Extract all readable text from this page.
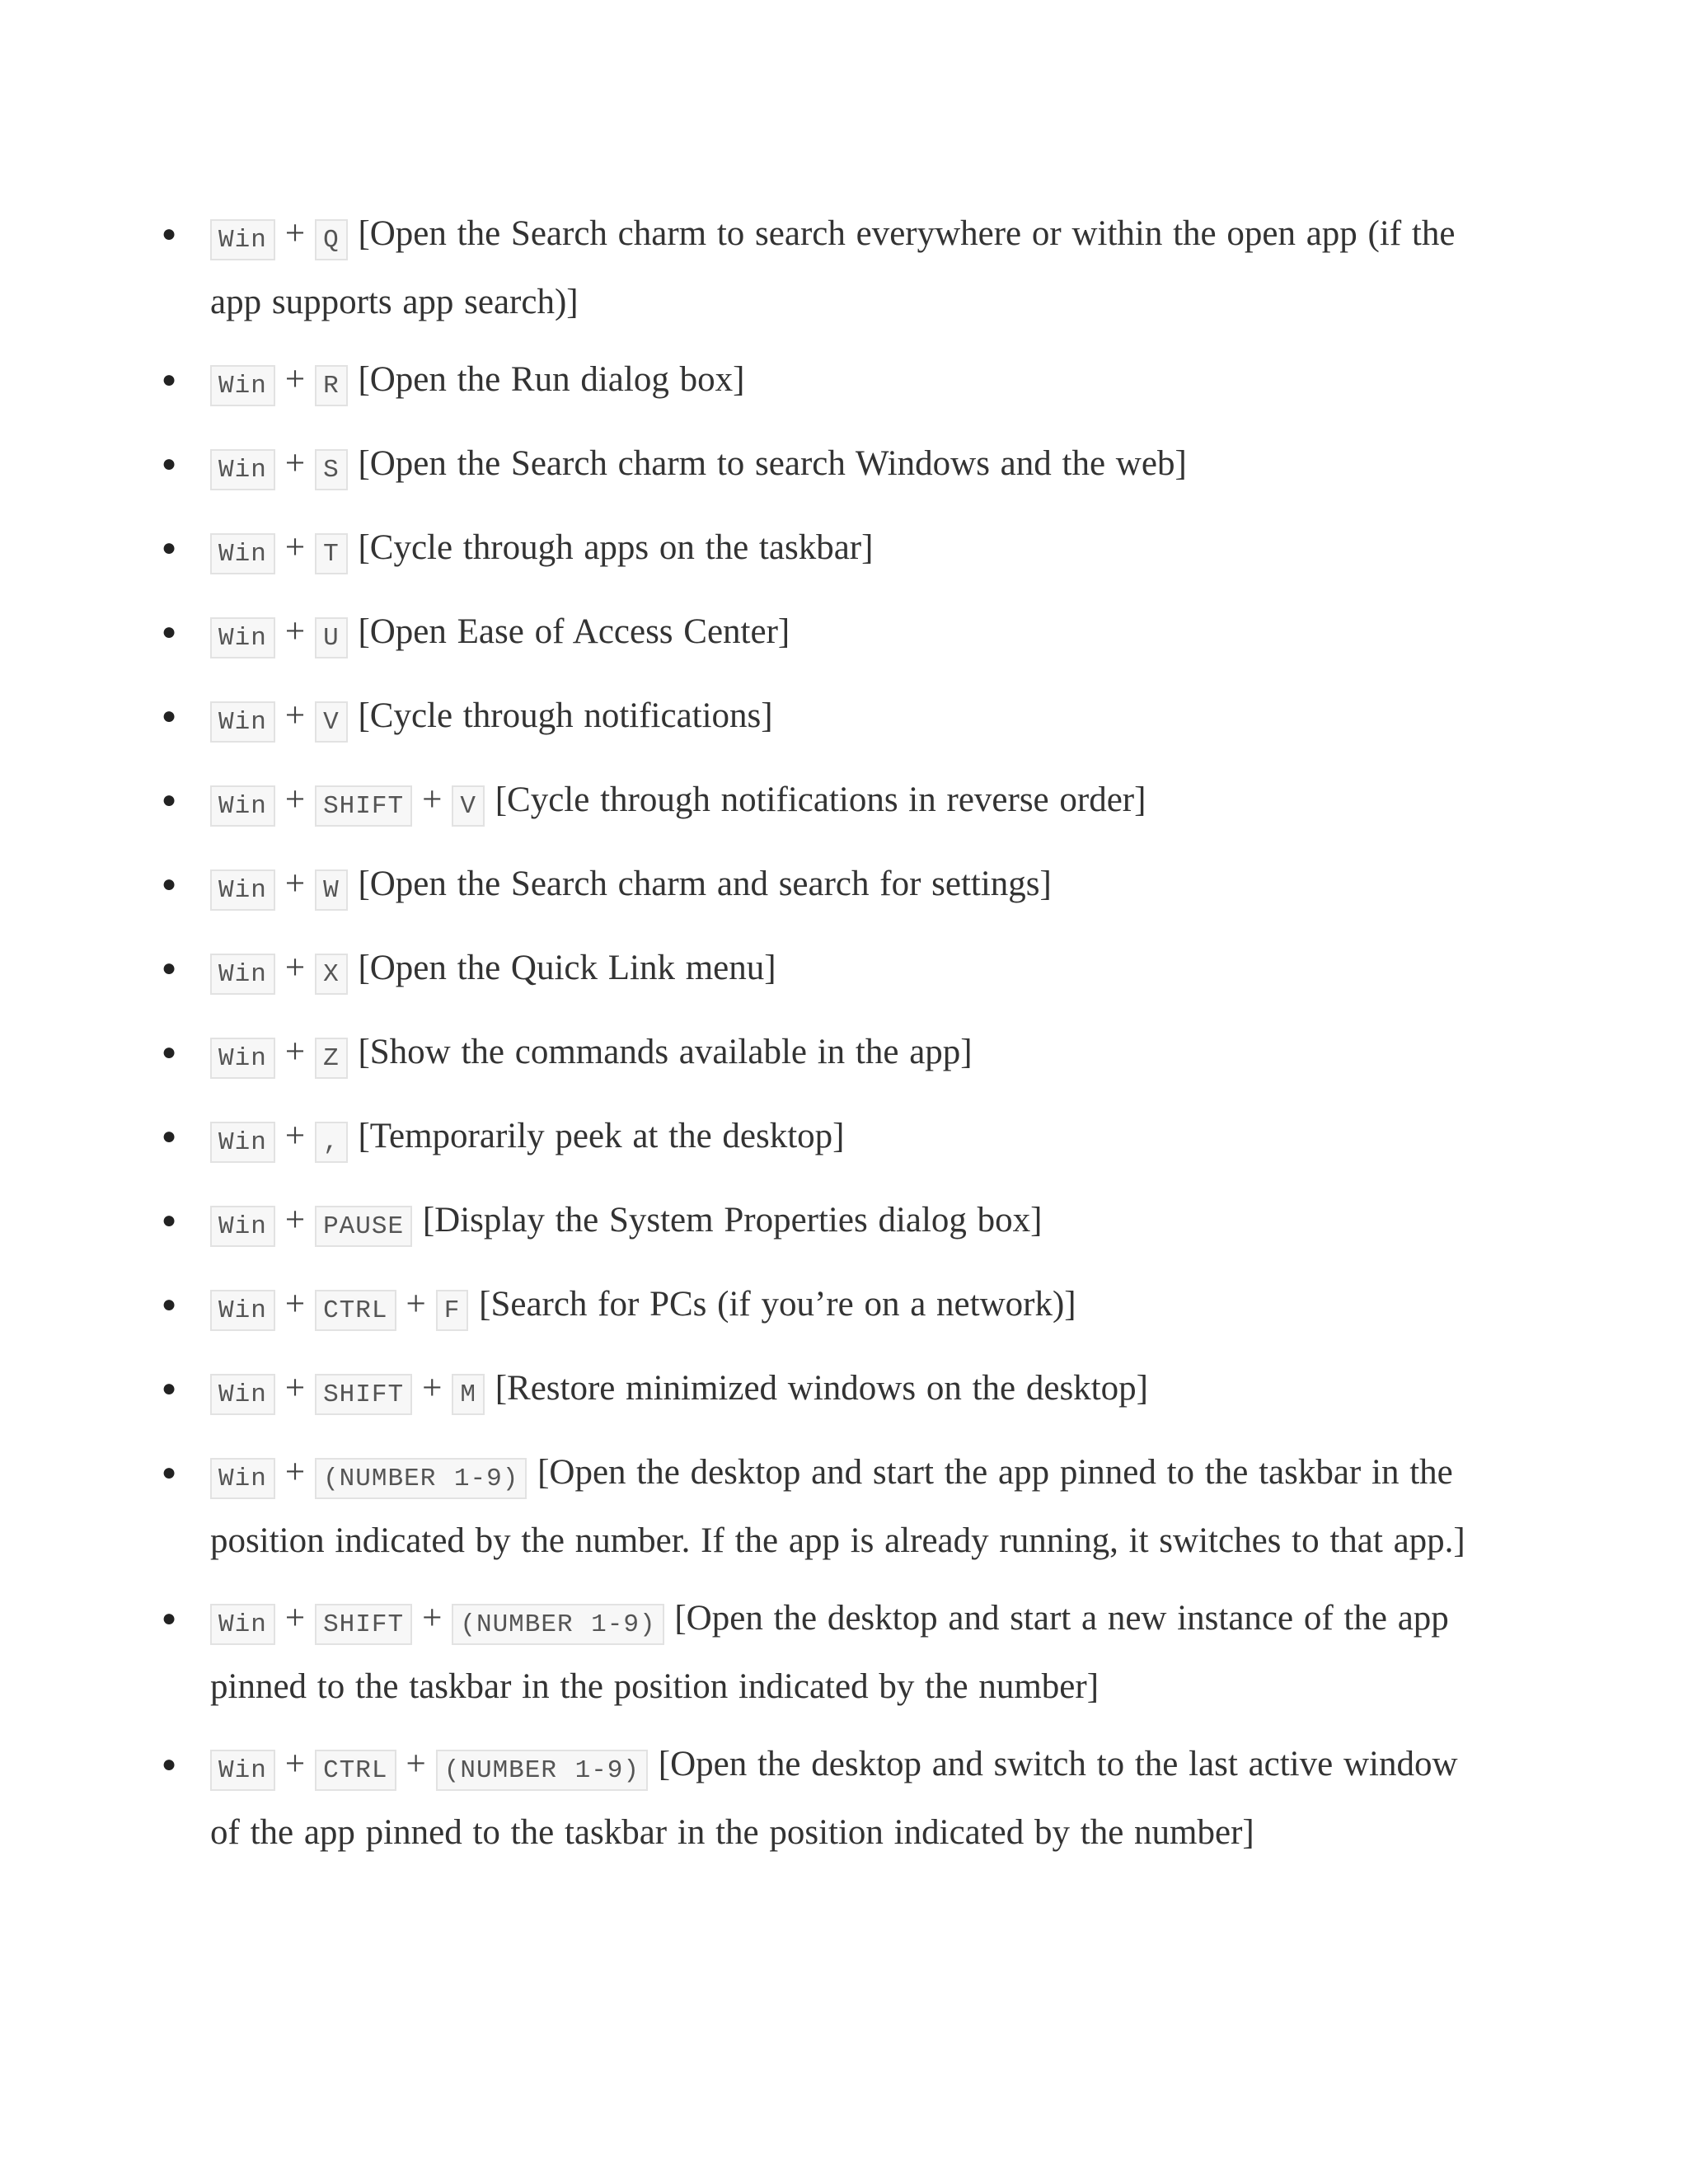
● Win + Q [Open the Search charm to search everywhere or within the open app (if the app supports app search)]
● Win + R [Open the Run dialog box]
● Win + S [Open the Search charm to search Windows and the web]
● Win + T [Cycle through apps on the taskbar]
● Win + U [Open Ease of Access Center]
● Win + V [Cycle through notifications]
● Win + SHIFT + V [Cycle through notifications in reverse order]
● Win + W [Open the Search charm and search for settings]
● Win + X [Open the Quick Link menu]
● Win + Z [Show the commands available in the app]
● Win + , [Temporarily peek at the desktop]
● Win + PAUSE [Display the System Properties dialog box]
● Win + CTRL + F [Search for PCs (if you’re on a network)]
● Win + SHIFT + M [Restore minimized windows on the desktop]
● Win + (NUMBER 1-9) [Open the desktop and start the app pinned to the taskbar in the position indicated by the number. If the app is already running, it switches to that app.]
● Win + SHIFT + (NUMBER 1-9) [Open the desktop and start a new instance of the app pinned to the taskbar in the position indicated by the number]
● Win + CTRL + (NUMBER 1-9) [Open the desktop and switch to the last active window of the app pinned to the taskbar in the position indicated by the number]
